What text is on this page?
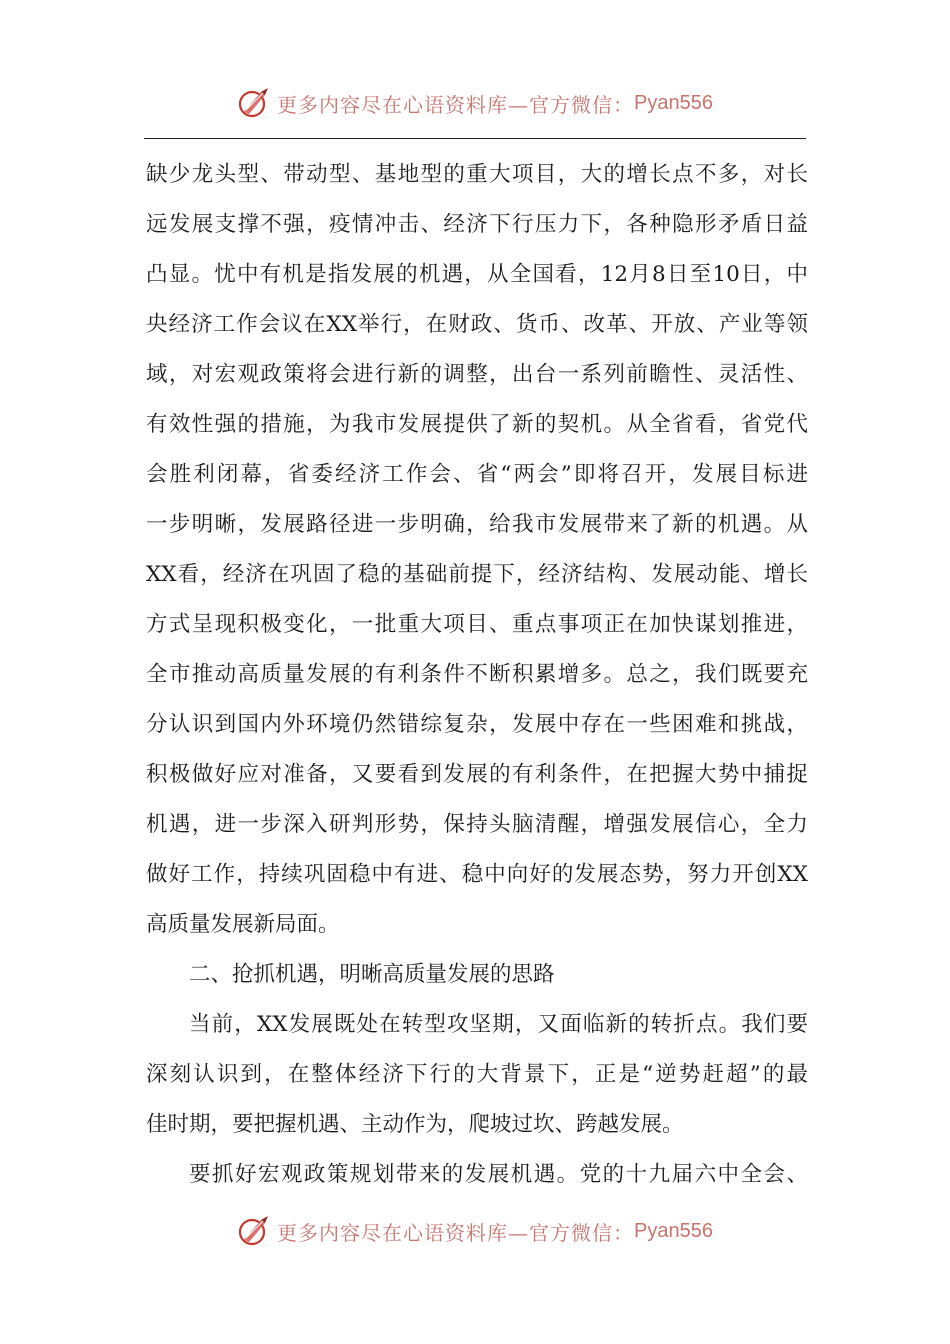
更多内容尽在心语资料库—官方微信： Pyan556
缺少龙头型、带动型、基地型的重大项目，大的增长点不多，对长
远发展支撑不强，疫情冲击、经济下行压力下，各种隐形矛盾日益
凸显。忧中有机是指发展的机遇，从全国看，12月8日至10日，中
央经济工作会议在XX举行，在财政、货币、改革、开放、产业等领
域，对宏观政策将会进行新的调整，出台一系列前瞻性、灵活性、
有效性强的措施，为我市发展提供了新的契机。从全省看，省党代
会胜利闭幕，省委经济工作会、省“两会”即将召开，发展目标进
一步明晰，发展路径进一步明确，给我市发展带来了新的机遇。从
XX看，经济在巩固了稳的基础前提下，经济结构、发展动能、增长
方式呈现积极变化，一批重大项目、重点事项正在加快谋划推进，
全市推动高质量发展的有利条件不断积累增多。总之，我们既要充
分认识到国内外环境仍然错综复杂，发展中存在一些困难和挑战，
积极做好应对准备，又要看到发展的有利条件，在把握大势中捕捉
机遇，进一步深入研判形势，保持头脑清醒，增强发展信心，全力
做好工作，持续巩固稳中有进、稳中向好的发展态势，努力开创XX
高质量发展新局面。
二、抢抓机遇，明晰高质量发展的思路
当前，XX发展既处在转型攻坚期，又面临新的转折点。我们要
深刻认识到，在整体经济下行的大背景下，正是“逆势赶超”的最
佳时期，要把握机遇、主动作为，爬坡过坎、跨越发展。
要抓好宏观政策规划带来的发展机遇。党的十九届六中全会、
更多内容尽在心语资料库—官方微信： Pyan556
